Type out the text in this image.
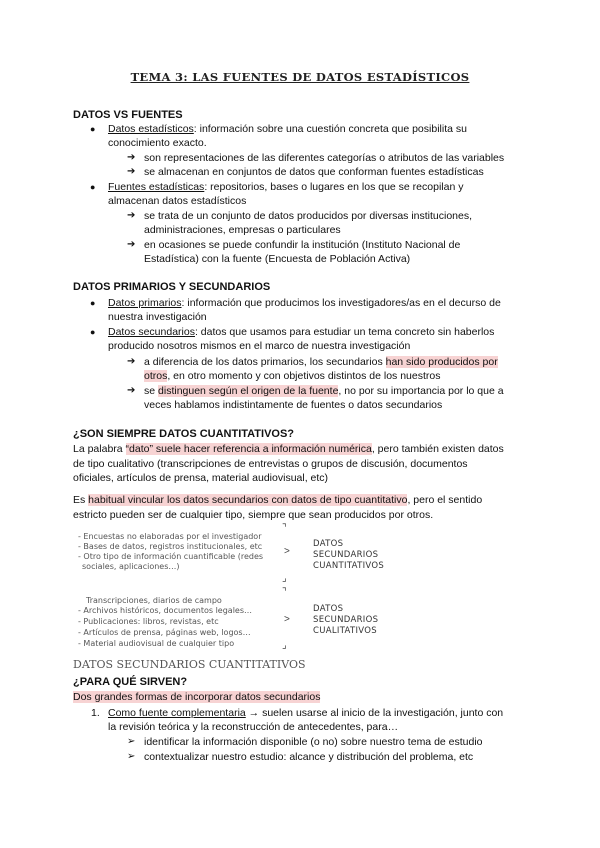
TEMA 3: LAS FUENTES DE DATOS ESTADÍSTICOS
DATOS VS FUENTES
● Datos estadísticos: información sobre una cuestión concreta que posibilita su
conocimiento exacto.
➔ son representaciones de las diferentes categorías o atributos de las variables
➔ se almacenan en conjuntos de datos que conforman fuentes estadísticas
● Fuentes estadísticas: repositorios, bases o lugares en los que se recopilan y
almacenan datos estadísticos
➔ se trata de un conjunto de datos producidos por diversas instituciones,
administraciones, empresas o particulares
➔ en ocasiones se puede confundir la institución (Instituto Nacional de
Estadística) con la fuente (Encuesta de Población Activa)
DATOS PRIMARIOS Y SECUNDARIOS
● Datos primarios: información que producimos los investigadores/as en el decurso de
nuestra investigación
● Datos secundarios: datos que usamos para estudiar un tema concreto sin haberlos
producido nosotros mismos en el marco de nuestra investigación
➔ a diferencia de los datos primarios, los secundarios han sido producidos por
otros, en otro momento y con objetivos distintos de los nuestros
➔ se distinguen según el origen de la fuente, no por su importancia por lo que a
veces hablamos indistintamente de fuentes o datos secundarios
¿SON SIEMPRE DATOS CUANTITATIVOS?
La palabra “dato” suele hacer referencia a información numérica, pero también existen datos
de tipo cualitativo (transcripciones de entrevistas o grupos de discusión, documentos
oficiales, artículos de prensa, material audiovisual, etc)
Es habitual vincular los datos secundarios con datos de tipo cuantitativo, pero el sentido
estricto pueden ser de cualquier tipo, siempre que sean producidos por otros.
- Encuestas no elaboradas por el investigador
- Bases de datos, registros institucionales, etc
- Otro tipo de información cuantificable (redes
sociales, aplicaciones…)
⌝
>
⌟
DATOS
SECUNDARIOS
CUANTITATIVOS
Transcripciones, diarios de campo
- Archivos históricos, documentos legales…
- Publicaciones: libros, revistas, etc
- Artículos de prensa, páginas web, logos…
- Material audiovisual de cualquier tipo
⌝
>
⌟
DATOS
SECUNDARIOS
CUALITATIVOS
DATOS SECUNDARIOS CUANTITATIVOS
¿PARA QUÉ SIRVEN?
Dos grandes formas de incorporar datos secundarios
1. Como fuente complementaria → suelen usarse al inicio de la investigación, junto con
la revisión teórica y la reconstrucción de antecedentes, para…
➢ identificar la información disponible (o no) sobre nuestro tema de estudio
➢ contextualizar nuestro estudio: alcance y distribución del problema, etc
